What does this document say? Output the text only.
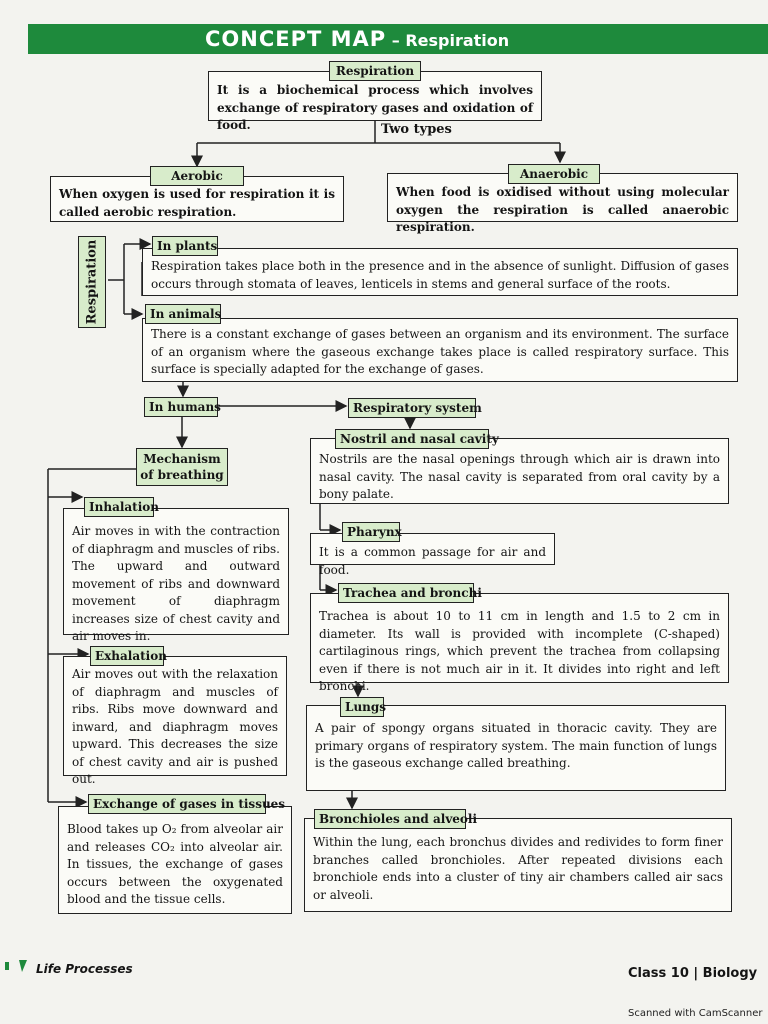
CONCEPT MAP – Respiration
It is a biochemical process which involves exchange of respiratory gases and oxidation of food.
Respiration
Two types
When oxygen is used for respiration it is called aerobic respiration.
Aerobic
When food is oxidised without using molecular oxygen the respiration is called anaerobic respiration.
Anaerobic
Respiration	Respiration takes place both in the presence and in the absence of sunlight. Diffusion of gases occurs through stomata of leaves, lenticels in stems and general surface of the roots.
In plants
There is a constant exchange of gases between an organism and its environment. The surface of an organism where the gaseous exchange takes place is called respiratory surface. This surface is specially adapted for the exchange of gases.
In animals
In humans	Respiratory system
Mechanism of breathing
Air moves in with the contraction of diaphragm and muscles of ribs. The upward and outward movement of ribs and downward movement of diaphragm increases size of chest cavity and air moves in.
Inhalation
Air moves out with the relaxation of diaphragm and muscles of ribs. Ribs move downward and inward, and diaphragm moves upward. This decreases the size of chest cavity and air is pushed out.
Exhalation
Blood takes up O₂ from alveolar air and releases CO₂ into alveolar air. In tissues, the exchange of gases occurs between the oxygenated blood and the tissue cells.
Exchange of gases in tissues
Nostrils are the nasal openings through which air is drawn into nasal cavity. The nasal cavity is separated from oral cavity by a bony palate.
Nostril and nasal cavity
It is a common passage for air and food.
Pharynx
Trachea is about 10 to 11 cm in length and 1.5 to 2 cm in diameter. Its wall is provided with incomplete (C-shaped) cartilaginous rings, which prevent the trachea from collapsing even if there is not much air in it. It divides into right and left bronchi.
Trachea and bronchi
A pair of spongy organs situated in thoracic cavity. They are primary organs of respiratory system. The main function of lungs is the gaseous exchange called breathing.
Lungs
Within the lung, each bronchus divides and redivides to form finer branches called bronchioles. After repeated divisions each bronchiole ends into a cluster of tiny air chambers called air sacs or alveoli.
Bronchioles and alveoli
Life Processes	Class 10 | Biology
Scanned with CamScanner
